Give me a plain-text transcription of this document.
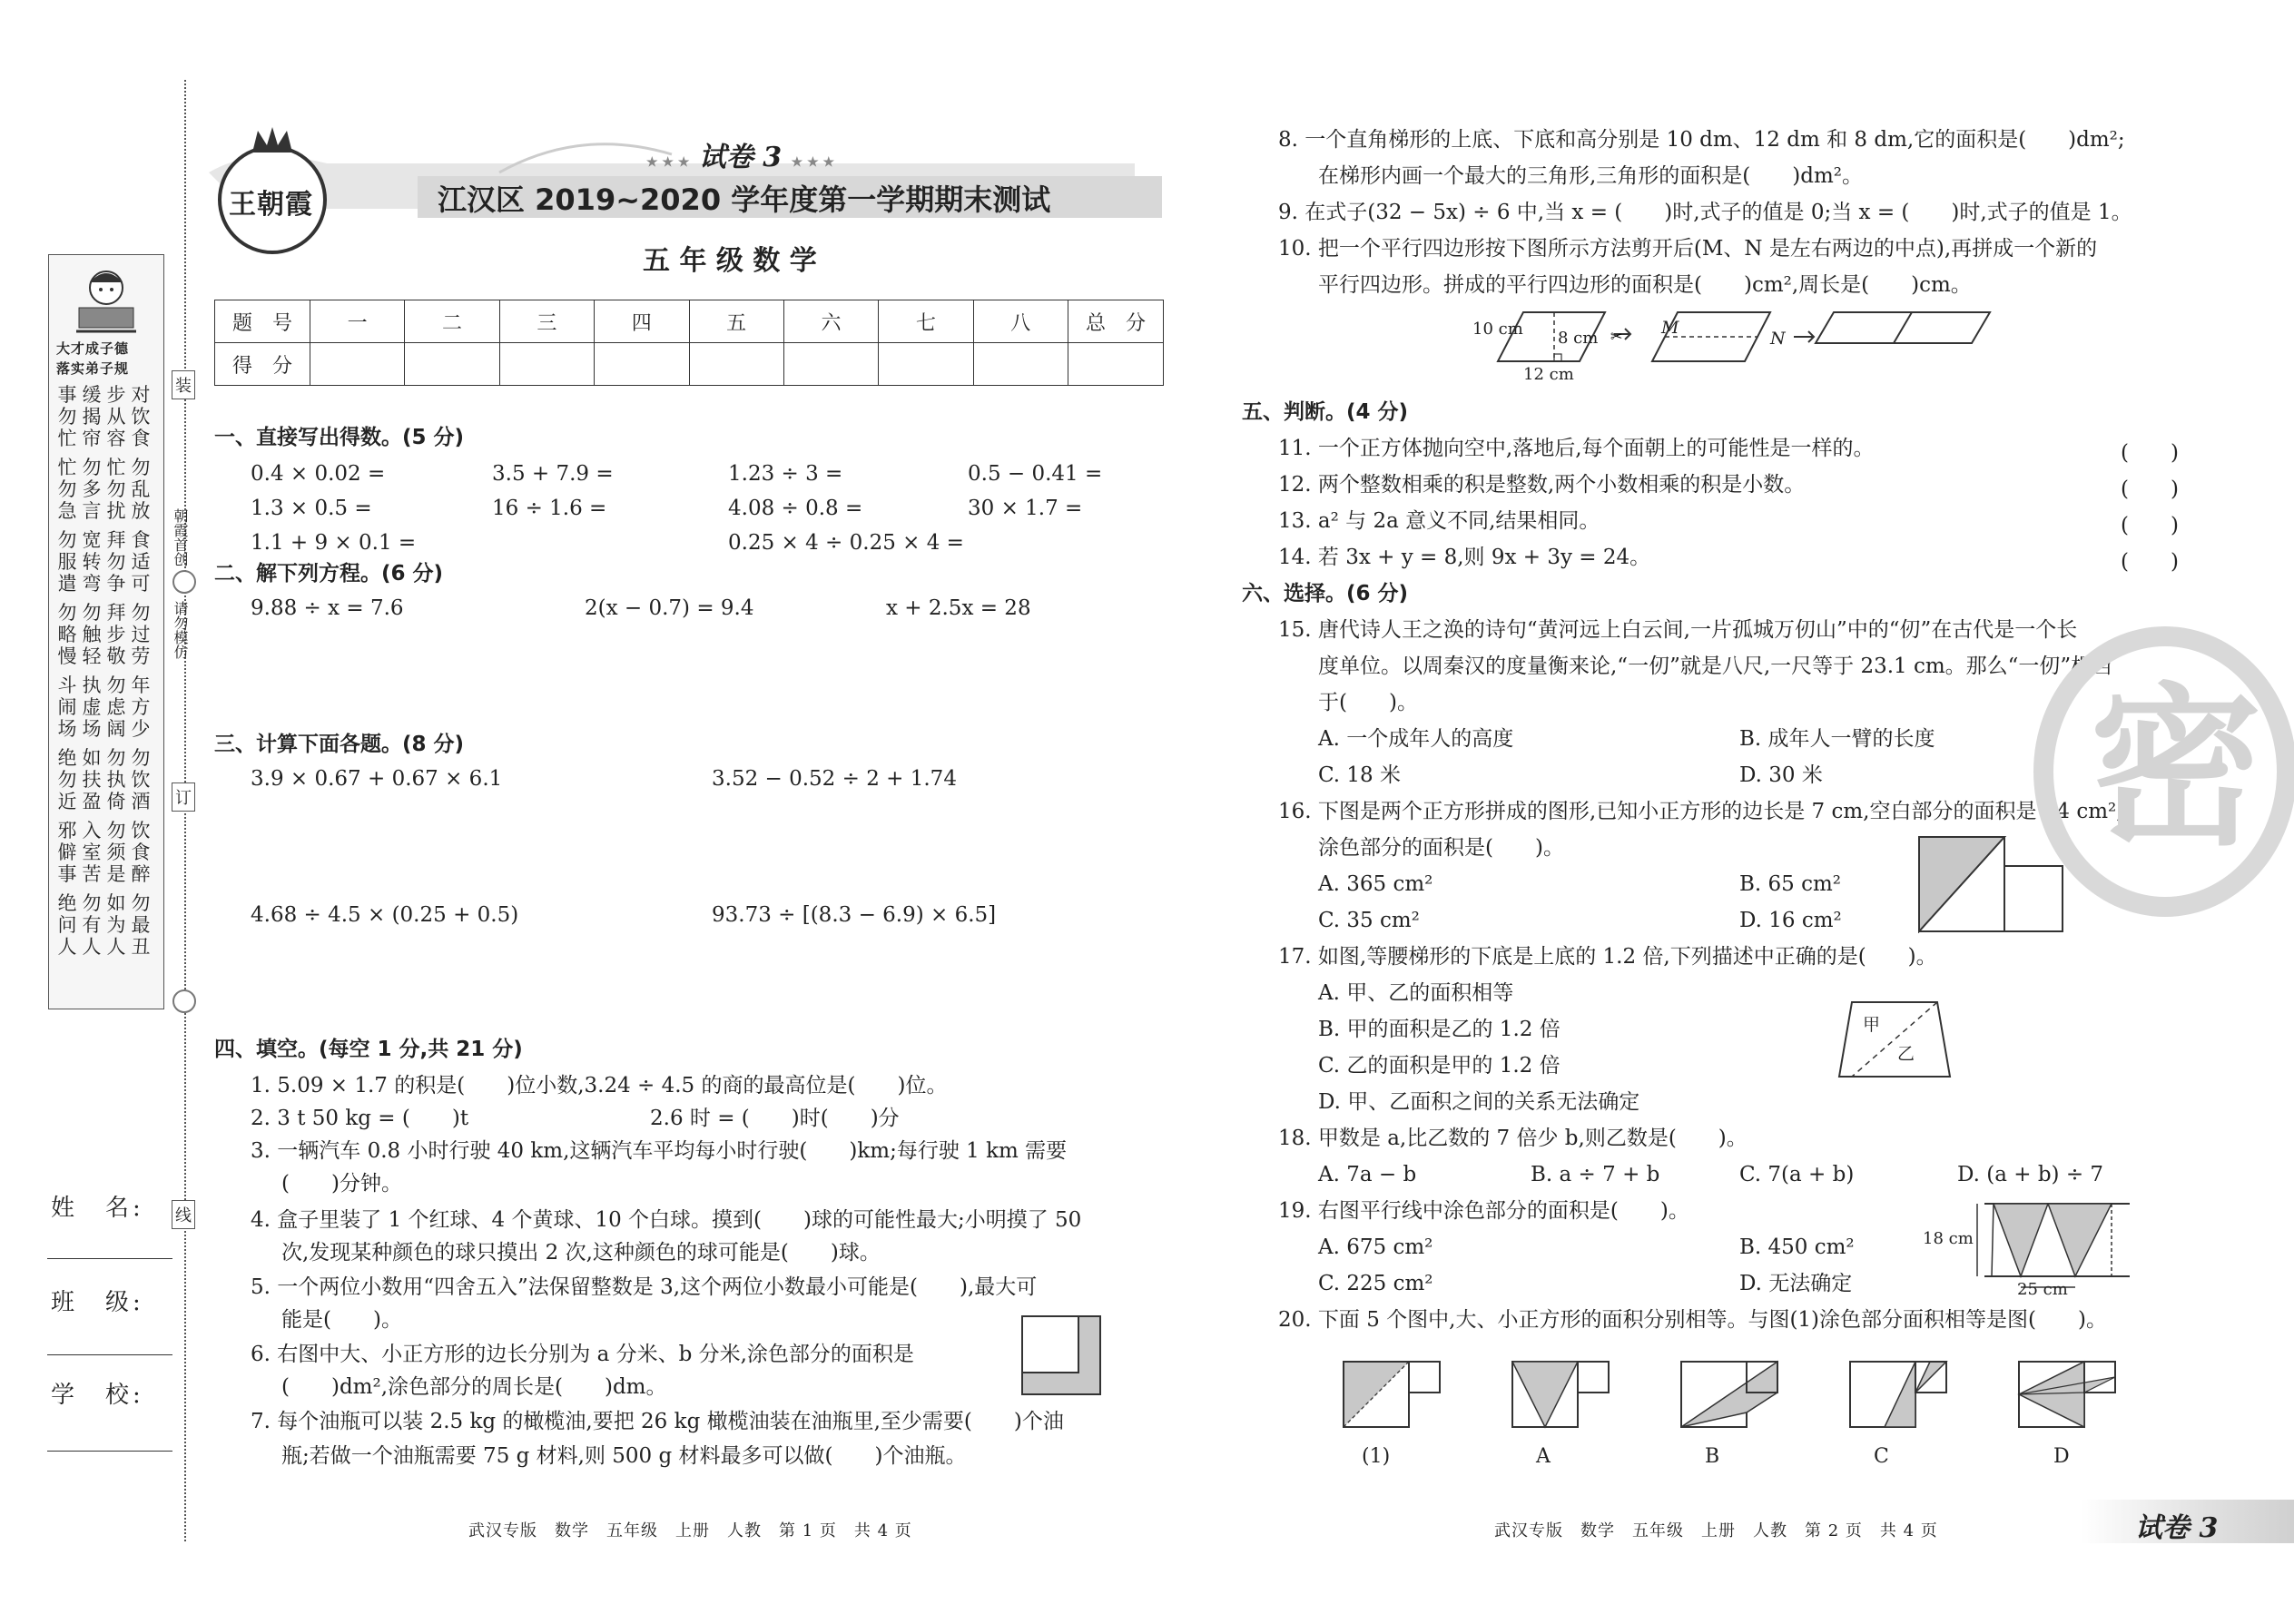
大才成子德
落实弟子规
对饮食
步从容
缓揭帘
事勿忙
勿乱放
忙勿扰
勿多言
忙勿急
食适可
拜勿争
宽转弯
勿服遣
勿过劳
拜步敬
勿触轻
勿略慢
年方少
勿虑阔
执虚场
斗闹场
勿饮酒
勿执倚
如扶盈
绝勿近
饮食醉
勿须是
入室苦
邪僻事
勿最丑
如为人
勿有人
绝问人
装
朝霞首创
请勿模仿
订
线
姓　名:
班　级:
学　校:
王朝霞
★ ★ ★ 试卷 3 ★ ★ ★
江汉区 2019~2020 学年度第一学期期末测试
五 年 级 数 学
题　号	一	二	三	四	五	六	七	八	总　分
得　分									
一、直接写出得数。(5 分)
0.4 × 0.02 =	3.5 + 7.9 =	1.23 ÷ 3 =	0.5 − 0.41 =
1.3 × 0.5 =	16 ÷ 1.6 =	4.08 ÷ 0.8 =	30 × 1.7 =
1.1 + 9 × 0.1 =	0.25 × 4 ÷ 0.25 × 4 =
二、解下列方程。(6 分)
9.88 ÷ x = 7.6	2(x − 0.7) = 9.4	x + 2.5x = 28
三、计算下面各题。(8 分)
3.9 × 0.67 + 0.67 × 6.1	3.52 − 0.52 ÷ 2 + 1.74
4.68 ÷ 4.5 × (0.25 + 0.5)	93.73 ÷ [(8.3 − 6.9) × 6.5]
四、填空。(每空 1 分,共 21 分)
1. 5.09 × 1.7 的积是(　　)位小数,3.24 ÷ 4.5 的商的最高位是(　　)位。
2. 3 t 50 kg = (　　)t	2.6 时 = (　　)时(　　)分
3. 一辆汽车 0.8 小时行驶 40 km,这辆汽车平均每小时行驶(　　)km;每行驶 1 km 需要
(　　)分钟。
4. 盒子里装了 1 个红球、4 个黄球、10 个白球。摸到(　　)球的可能性最大;小明摸了 50
次,发现某种颜色的球只摸出 2 次,这种颜色的球可能是(　　)球。
5. 一个两位小数用“四舍五入”法保留整数是 3,这个两位小数最小可能是(　　),最大可
能是(　　)。
6. 右图中大、小正方形的边长分别为 a 分米、b 分米,涂色部分的面积是
(　　)dm²,涂色部分的周长是(　　)dm。
7. 每个油瓶可以装 2.5 kg 的橄榄油,要把 26 kg 橄榄油装在油瓶里,至少需要(　　)个油
瓶;若做一个油瓶需要 75 g 材料,则 500 g 材料最多可以做(　　)个油瓶。
武汉专版　数学　五年级　上册　人教　第 1 页　共 4 页
8. 一个直角梯形的上底、下底和高分别是 10 dm、12 dm 和 8 dm,它的面积是(　　)dm²;
在梯形内画一个最大的三角形,三角形的面积是(　　)dm²。
9. 在式子(32 − 5x) ÷ 6 中,当 x = (　　)时,式子的值是 0;当 x = (　　)时,式子的值是 1。
10. 把一个平行四边形按下图所示方法剪开后(M、N 是左右两边的中点),再拼成一个新的
平行四边形。拼成的平行四边形的面积是(　　)cm²,周长是(　　)cm。
✂
10 cm 8 cm
12 cm
M
N
五、判断。(4 分)
11. 一个正方体抛向空中,落地后,每个面朝上的可能性是一样的。	(　　)
12. 两个整数相乘的积是整数,两个小数相乘的积是小数。	(　　)
13. a² 与 2a 意义不同,结果相同。	(　　)
14. 若 3x + y = 8,则 9x + 3y = 24。	(　　)
六、选择。(6 分)
15. 唐代诗人王之涣的诗句“黄河远上白云间,一片孤城万仞山”中的“仞”在古代是一个长
度单位。以周秦汉的度量衡来论,“一仞”就是八尺,一尺等于 23.1 cm。那么“一仞”相当
于(　　)。
A. 一个成年人的高度	B. 成年人一臂的长度
C. 18 米	D. 30 米
16. 下图是两个正方形拼成的图形,已知小正方形的边长是 7 cm,空白部分的面积是 84 cm²,
涂色部分的面积是(　　)。
A. 365 cm²	B. 65 cm²
C. 35 cm²	D. 16 cm²
17. 如图,等腰梯形的下底是上底的 1.2 倍,下列描述中正确的是(　　)。
A. 甲、乙的面积相等
B. 甲的面积是乙的 1.2 倍
C. 乙的面积是甲的 1.2 倍
D. 甲、乙面积之间的关系无法确定
甲
乙
18. 甲数是 a,比乙数的 7 倍少 b,则乙数是(　　)。
A. 7a − b	B. a ÷ 7 + b	C. 7(a + b)	D. (a + b) ÷ 7
19. 右图平行线中涂色部分的面积是(　　)。
A. 675 cm²	B. 450 cm²
C. 225 cm²	D. 无法确定
18 cm
25 cm
20. 下面 5 个图中,大、小正方形的面积分别相等。与图(1)涂色部分面积相等是图(　　)。
(1)	A	B	C	D
武汉专版　数学　五年级　上册　人教　第 2 页　共 4 页	试卷 3
密
